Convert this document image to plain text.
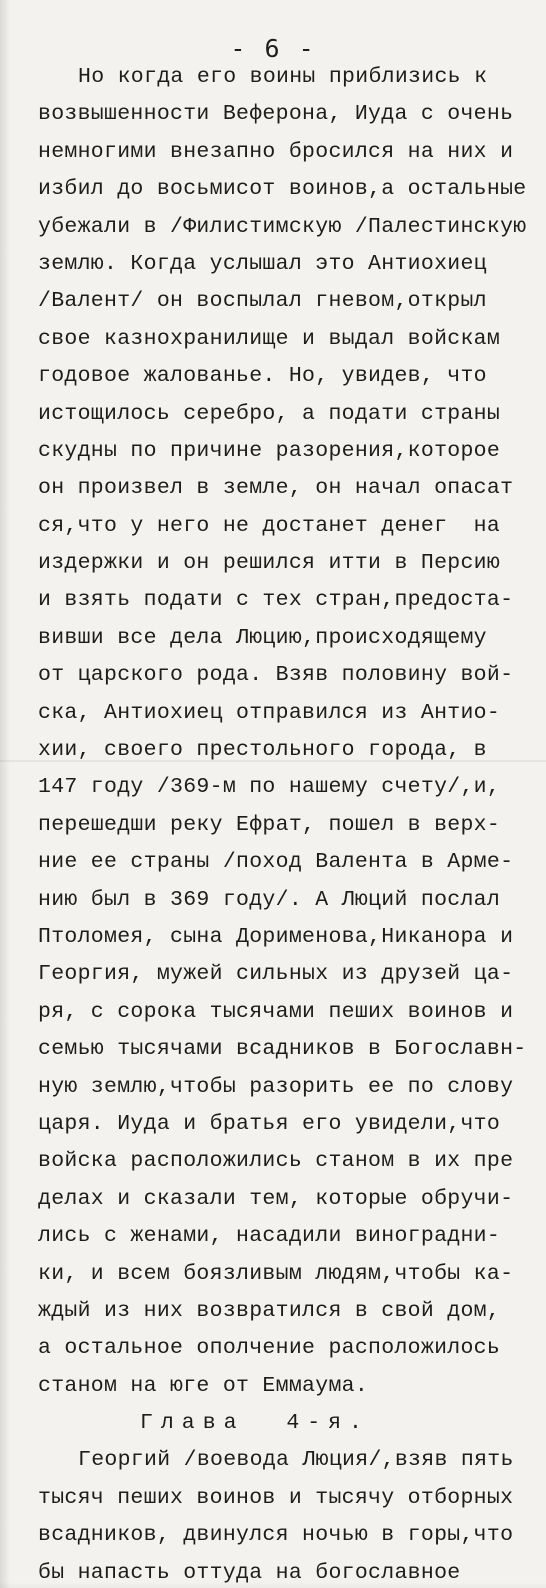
- 6 -
Но когда его воины приблизись к
возвышенности Веферона, Иуда с очень
немногими внезапно бросился на них и
избил до восьмисот воинов,а остальные
убежали в /Филистимскую /Палестинскую
землю. Когда услышал это Антиохиец
/Валент/ он воспылал гневом,открыл
свое казнохранилище и выдал войскам
годовое жалованье. Но, увидев, что
истощилось серебро, а подати страны
скудны по причине разорения,которое
он произвел в земле, он начал опасат
ся,что у него не достанет денег  на
издержки и он решился итти в Персию
и взять подати с тех стран,предоста-
вивши все дела Люцию,происходящему
от царского рода. Взяв половину вой-
ска, Антиохиец отправился из Антио-
хии, своего престольного города, в
147 году /369-м по нашему счету/,и,
перешедши реку Ефрат, пошел в верх-
ние ее страны /поход Валента в Арме-
нию был в 369 году/. А Люций послал
Птоломея, сына Дорименова,Никанора и
Георгия, мужей сильных из друзей ца-
ря, с сорока тысячами пеших воинов и
семью тысячами всадников в Богославн-
ную землю,чтобы разорить ее по слову
царя. Иуда и братья его увидели,что
войска расположились станом в их пре
делах и сказали тем, которые обручи-
лись с женами, насадили виноградни-
ки, и всем боязливым людям,чтобы ка-
ждый из них возвратился в свой дом,
а остальное ополчение расположилось
станом на юге от Еммаума.
Глава  4-я.
Георгий /воевода Люция/,взяв пять
тысяч пеших воинов и тысячу отборных
всадников, двинулся ночью в горы,что
бы напасть оттуда на богославное
